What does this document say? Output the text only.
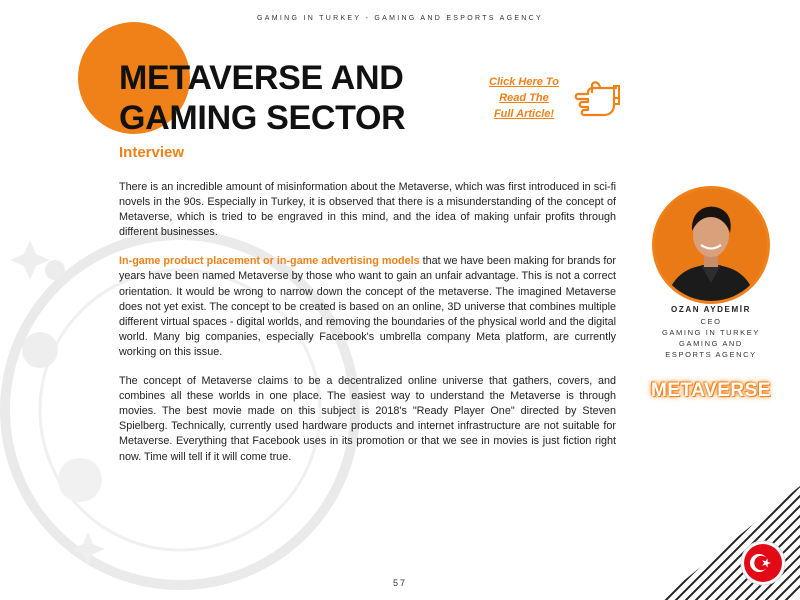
GAMING IN TURKEY - GAMING AND ESPORTS AGENCY
METAVERSE AND
GAMING SECTOR
Interview
Click Here To
Read The
Full Article!

There is an incredible amount of misinformation about the Metaverse, which was first introduced in sci-fi novels in the 90s. Especially in Turkey, it is observed that there is a misunderstanding of the concept of Metaverse, which is tried to be engraved in this mind, and the idea of making unfair profits through different businesses.

In-game product placement or in-game advertising models that we have been making for brands for years have been named Metaverse by those who want to gain an unfair advantage. This is not a correct orientation. It would be wrong to narrow down the concept of the metaverse. The imagined Metaverse does not yet exist. The concept to be created is based on an online, 3D universe that combines multiple different virtual spaces - digital worlds, and removing the boundaries of the physical world and the digital world. Many big companies, especially Facebook's umbrella company Meta platform, are currently working on this issue.

The concept of Metaverse claims to be a decentralized online universe that gathers, covers, and combines all these worlds in one place. The easiest way to understand the Metaverse is through movies. The best movie made on this subject is 2018's "Ready Player One" directed by Steven Spielberg. Technically, currently used hardware products and internet infrastructure are not suitable for Metaverse. Everything that Facebook uses in its promotion or that we see in movies is just fiction right now. Time will tell if it will come true.

OZAN AYDEMİR
CEO
GAMING IN TURKEY
GAMING AND
ESPORTS AGENCY
METAVERSE
57
